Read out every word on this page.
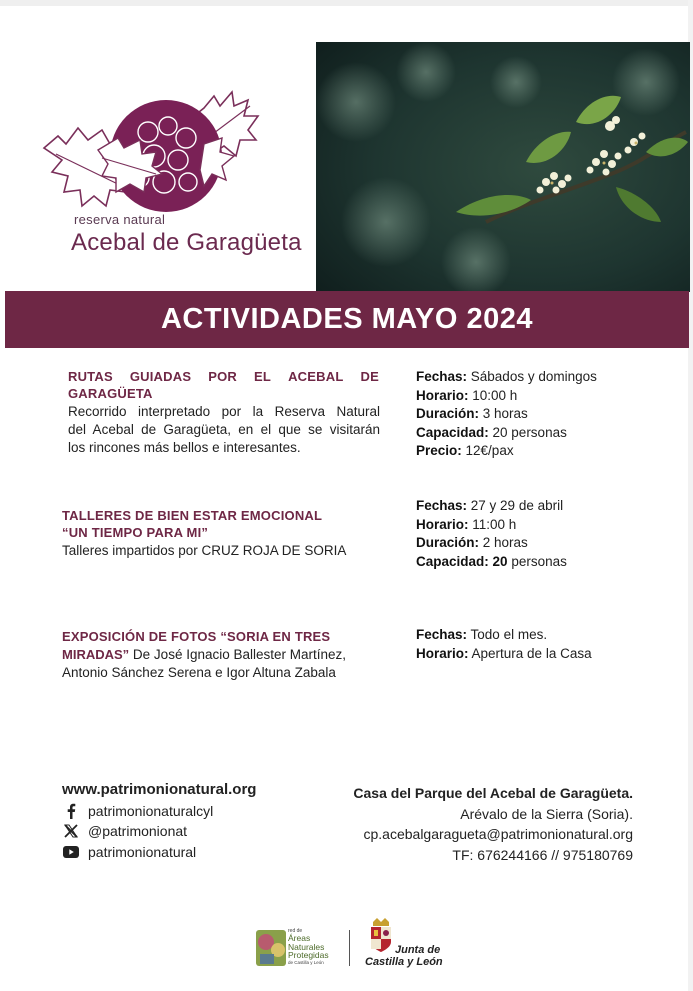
reserva natural
Acebal de Garagüeta
ACTIVIDADES MAYO 2024
RUTAS GUIADAS POR EL ACEBAL DE
GARAGÜETA
Recorrido interpretado por la Reserva Natural
del Acebal de Garagüeta, en el que se visitarán
los rincones más bellos e interesantes.
Fechas: Sábados y domingos
Horario: 10:00 h
Duración: 3 horas
Capacidad: 20 personas
Precio: 12€/pax
TALLERES DE BIEN ESTAR EMOCIONAL
“UN TIEMPO PARA MI”
Talleres impartidos por CRUZ ROJA DE SORIA
Fechas: 27 y 29 de abril
Horario: 11:00 h
Duración: 2 horas
Capacidad: 20 personas
EXPOSICIÓN DE FOTOS “SORIA EN TRES
MIRADAS” De José Ignacio Ballester Martínez,
Antonio Sánchez Serena e Igor Altuna Zabala
Fechas: Todo el mes.
Horario: Apertura de la Casa
www.patrimonionatural.org
patrimonionaturalcyl
@patrimonionat
patrimonionatural
Casa del Parque del Acebal de Garagüeta.
Arévalo de la Sierra (Soria).
cp.acebalgaragueta@patrimonionatural.org
TF: 676244166 // 975180769
red de
Áreas
Naturales
Protegidas
de Castilla y León
Junta de
Castilla y León
